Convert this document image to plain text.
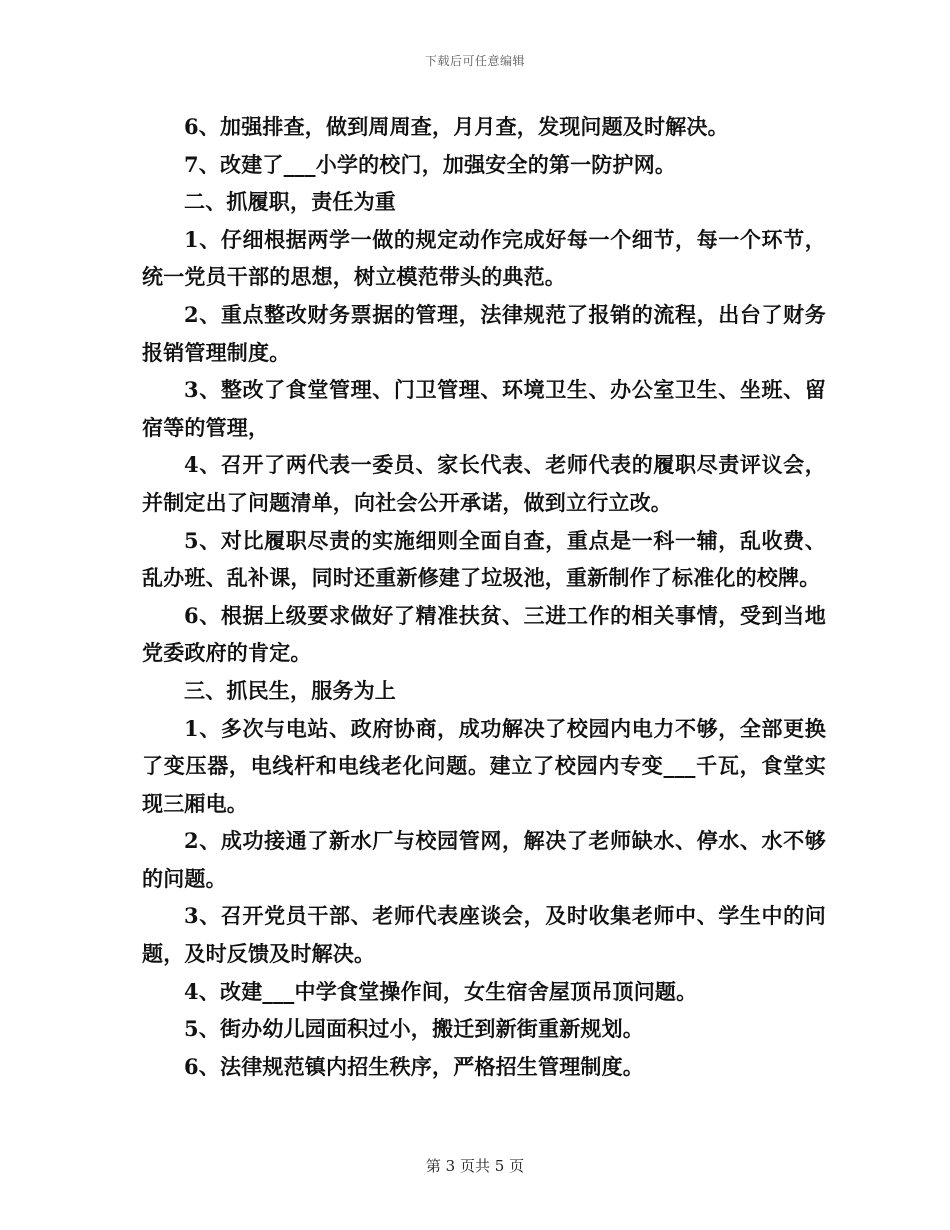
下载后可任意编辑

6、加强排查，做到周周查，月月查，发现问题及时解决。

7、改建了___小学的校门，加强安全的第一防护网。

二、抓履职，责任为重

1、仔细根据两学一做的规定动作完成好每一个细节，每一个环节，统一党员干部的思想，树立模范带头的典范。

2、重点整改财务票据的管理，法律规范了报销的流程，出台了财务报销管理制度。

3、整改了食堂管理、门卫管理、环境卫生、办公室卫生、坐班、留宿等的管理，

4、召开了两代表一委员、家长代表、老师代表的履职尽责评议会，并制定出了问题清单，向社会公开承诺，做到立行立改。

5、对比履职尽责的实施细则全面自查，重点是一科一辅，乱收费、乱办班、乱补课，同时还重新修建了垃圾池，重新制作了标准化的校牌。

6、根据上级要求做好了精准扶贫、三进工作的相关事情，受到当地党委政府的肯定。

三、抓民生，服务为上

1、多次与电站、政府协商，成功解决了校园内电力不够，全部更换了变压器，电线杆和电线老化问题。建立了校园内专变___千瓦，食堂实现三厢电。

2、成功接通了新水厂与校园管网，解决了老师缺水、停水、水不够的问题。

3、召开党员干部、老师代表座谈会，及时收集老师中、学生中的问题，及时反馈及时解决。

4、改建___中学食堂操作间，女生宿舍屋顶吊顶问题。

5、街办幼儿园面积过小，搬迁到新街重新规划。

6、法律规范镇内招生秩序，严格招生管理制度。

第 3 页共 5 页
